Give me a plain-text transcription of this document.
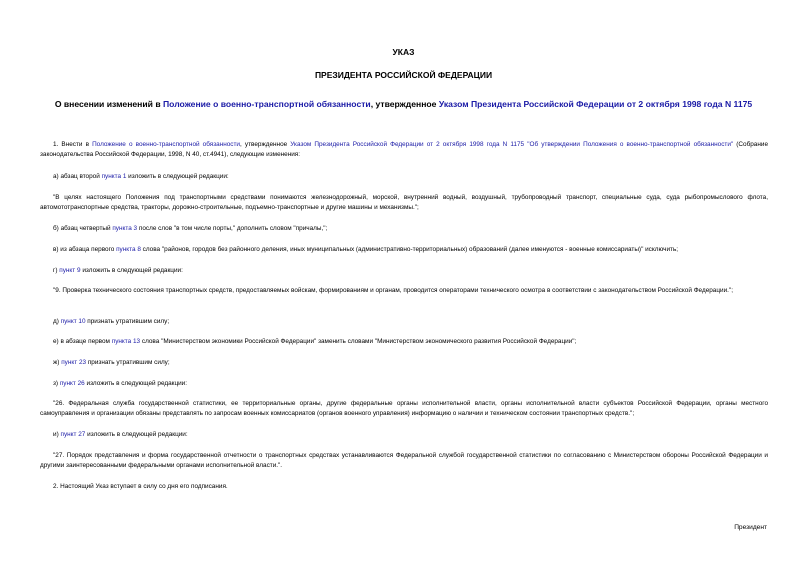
УКАЗ
ПРЕЗИДЕНТА РОССИЙСКОЙ ФЕДЕРАЦИИ
О внесении изменений в Положение о военно-транспортной обязанности, утвержденное Указом Президента Российской Федерации от 2 октября 1998 года N 1175
1. Внести в Положение о военно-транспортной обязанности, утвержденное Указом Президента Российской Федерации от 2 октября 1998 года N 1175 "Об утверждении Положения о военно-транспортной обязанности" (Собрание законодательства Российской Федерации, 1998, N 40, ст.4941), следующие изменения:
а) абзац второй пункта 1 изложить в следующей редакции:
"В целях настоящего Положения под транспортными средствами понимаются железнодорожный, морской, внутренний водный, воздушный, трубопроводный транспорт, специальные суда, суда рыбопромыслового флота, автомототранспортные средства, тракторы, дорожно-строительные, подъемно-транспортные и другие машины и механизмы.";
б) абзац четвертый пункта 3 после слов "в том числе порты," дополнить словом "причалы,";
в) из абзаца первого пункта 8 слова "районов, городов без районного деления, иных муниципальных (административно-территориальных) образований (далее именуются - военные комиссариаты)" исключить;
г) пункт 9 изложить в следующей редакции:
"9. Проверка технического состояния транспортных средств, предоставляемых войскам, формированиям и органам, проводится операторами технического осмотра в соответствии с законодательством Российской Федерации.";
д) пункт 10 признать утратившим силу;
е) в абзаце первом пункта 13 слова "Министерством экономики Российской Федерации" заменить словами "Министерством экономического развития Российской Федерации";
ж) пункт 23 признать утратившим силу;
з) пункт 26 изложить в следующей редакции:
"26. Федеральная служба государственной статистики, ее территориальные органы, другие федеральные органы исполнительной власти, органы исполнительной власти субъектов Российской Федерации, органы местного самоуправления и организации обязаны представлять по запросам военных комиссариатов (органов военного управления) информацию о наличии и техническом состоянии транспортных средств.";
и) пункт 27 изложить в следующей редакции:
"27. Порядок представления и форма государственной отчетности о транспортных средствах устанавливаются Федеральной службой государственной статистики по согласованию с Министерством обороны Российской Федерации и другими заинтересованными федеральными органами исполнительной власти.".
2. Настоящий Указ вступает в силу со дня его подписания.
Президент
